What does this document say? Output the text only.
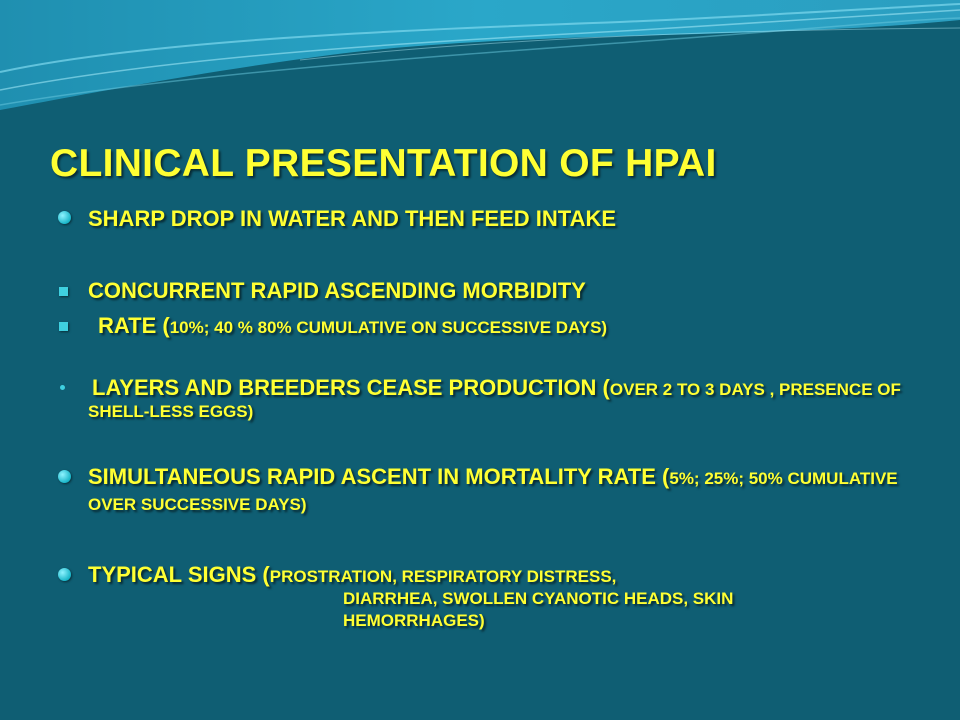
CLINICAL PRESENTATION OF HPAI
SHARP DROP IN WATER AND THEN FEED INTAKE
CONCURRENT RAPID ASCENDING MORBIDITY
RATE (10%; 40 % 80% CUMULATIVE ON SUCCESSIVE DAYS)
LAYERS AND BREEDERS CEASE PRODUCTION (OVER 2 TO 3 DAYS , PRESENCE OF SHELL-LESS EGGS)
SIMULTANEOUS RAPID ASCENT IN MORTALITY RATE (5%; 25%; 50% CUMULATIVE OVER SUCCESSIVE DAYS)
TYPICAL SIGNS (PROSTRATION, RESPIRATORY DISTRESS,
DIARRHEA, SWOLLEN CYANOTIC HEADS, SKIN
HEMORRHAGES)
